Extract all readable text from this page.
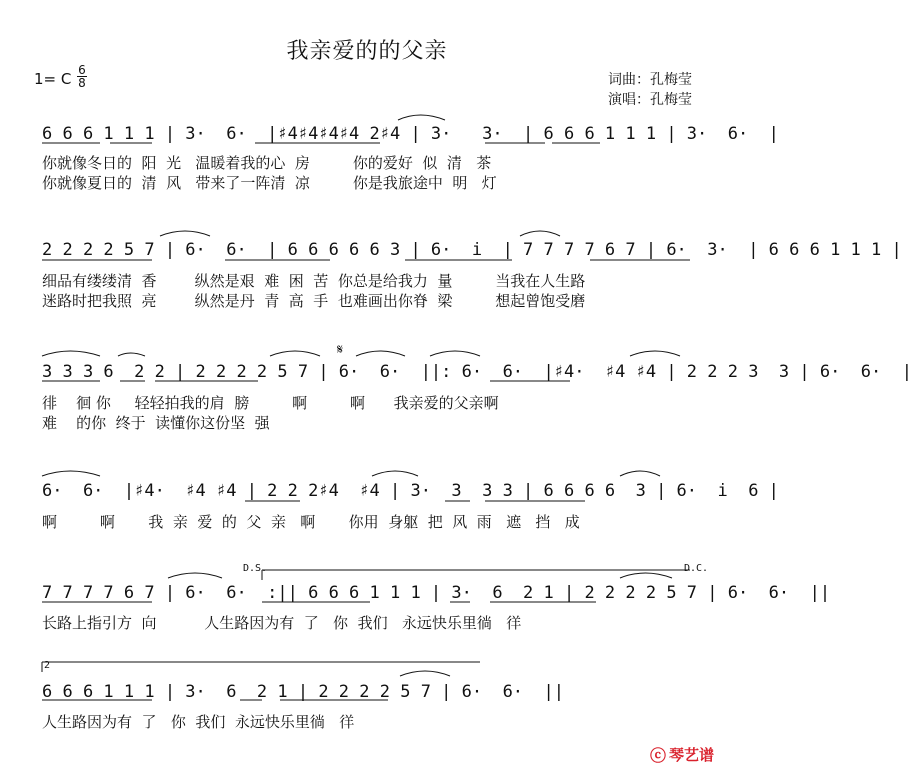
我亲爱的的父亲
1= C 6
8	词曲：孔梅莹
演唱：孔梅莹
6 6 6 1 1 1 | 3·  6·  |♯4♯4♯4♯4 2♯4 | 3·   3·  | 6 6 6 1 1 1 | 3·  6·  |
你就像冬日的  阳  光   温暖着我的心  房         你的爱好  似  清   茶
你就像夏日的  清  风   带来了一阵清  凉         你是我旅途中  明   灯
2 2 2 2 5 7 | 6·  6·  | 6 6 6 6 6 3 | 6·  i  | 7 7 7 7 6 7 | 6·  3·  | 6 6 6 1 1 1 |
细品有缕缕清  香        纵然是艰  难  困  苦  你总是给我力  量         当我在人生路
迷路时把我照  亮        纵然是丹  青  高  手  也难画出你脊  梁         想起曾饱受磨
𝄋
3 3 3 6  2 2 | 2 2 2 2 5 7 | 6·  6·  ||: 6·  6·  |♯4·  ♯4 ♯4 | 2 2 2 3  3 | 6·  6·  |
徘    徊 你     轻轻拍我的肩  膀         啊         啊      我亲爱的父亲啊
难    的你  终于  读懂你这份坚  强
6·  6·  |♯4·  ♯4 ♯4 | 2 2 2♯4  ♯4 | 3·  3  3 3 | 6 6 6 6  3 | 6·  i  6 |
啊         啊       我  亲  爱  的  父  亲   啊       你用  身躯  把  风  雨   遮   挡   成
D.S.	D.C.
7 7 7 7 6 7 | 6·  6·  :|| 6 6 6 1 1 1 | 3·  6  2 1 | 2 2 2 2 5 7 | 6·  6·  ||
长路上指引方  向          人生路因为有  了   你  我们   永远快乐里徜   徉
2
6 6 6 1 1 1 | 3·  6  2 1 | 2 2 2 2 5 7 | 6·  6·  ||
人生路因为有  了   你  我们  永远快乐里徜   徉
ⓒ 琴艺谱
